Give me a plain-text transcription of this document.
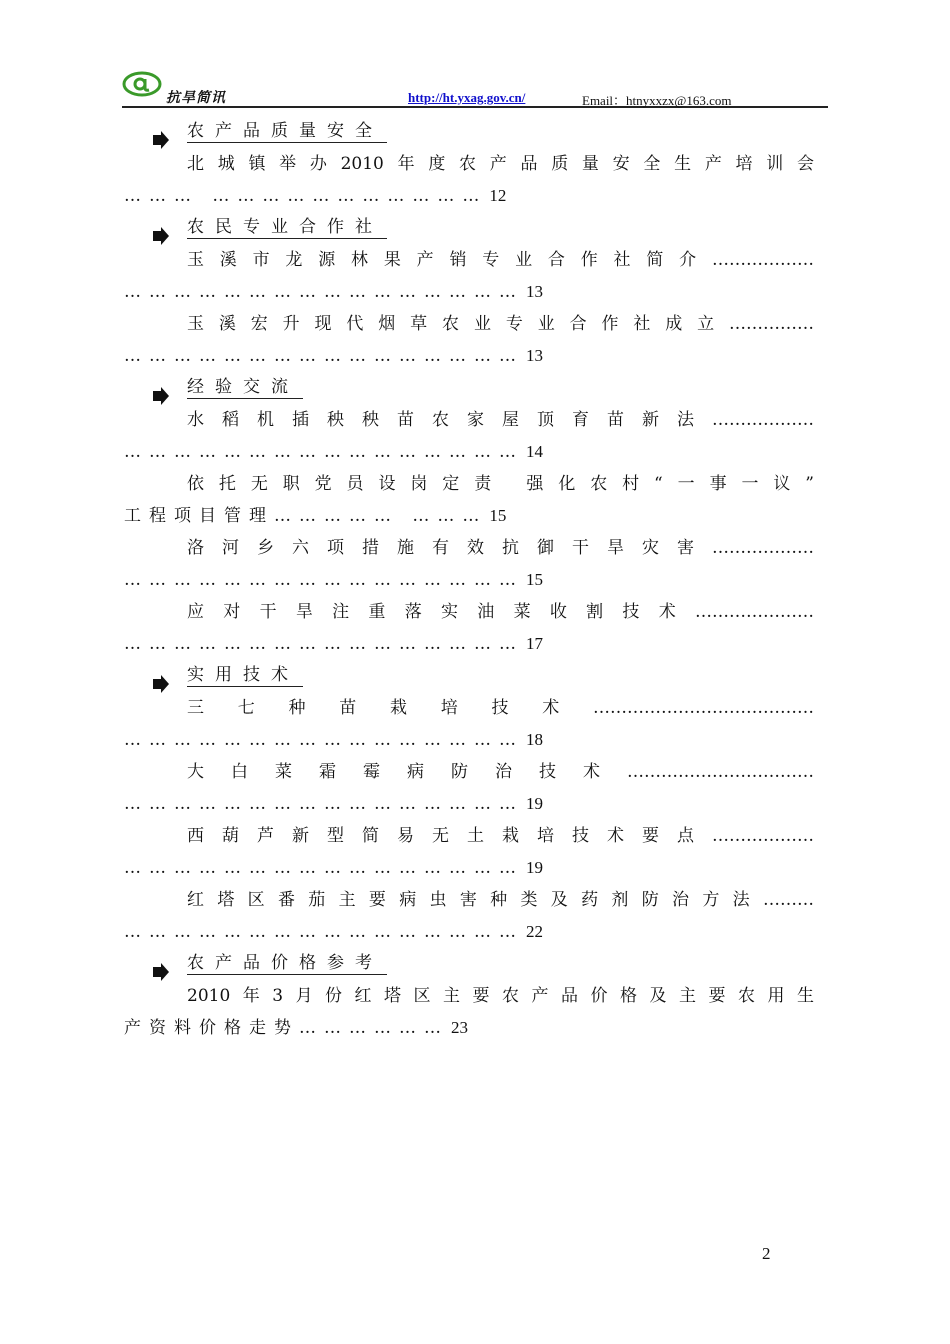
抗旱简讯	http://ht.yxag.gov.cn/	Email：htnyxxzx@163.com
农产品质量安全
北城镇举办2010年度农产品质量安全生产培训会
……… …………………………… 12
农民专业合作社
玉溪市龙源林果产销专业合作社简介………………
………………………………………… 13
玉溪宏升现代烟草农业专业合作社成立……………
………………………………………… 13
经验交流
水稻机插秧秧苗农家屋顶育苗新法………………
………………………………………… 14
依托无职党员设岗定责 强化农村“一事一议”
工程项目管理…………… ……… 15
洛河乡六项措施有效抗御干旱灾害………………
………………………………………… 15
应对干旱注重落实油菜收割技术…………………
………………………………………… 17
实用技术
三七种苗栽培技术…………………………………
………………………………………… 18
大白菜霜霉病防治技术……………………………
………………………………………… 19
西葫芦新型简易无土栽培技术要点………………
………………………………………… 19
红塔区番茄主要病虫害种类及药剂防治方法………
………………………………………… 22
农产品价格参考
2010年3月份红塔区主要农产品价格及主要农用生
产资料价格走势……………… 23
2
